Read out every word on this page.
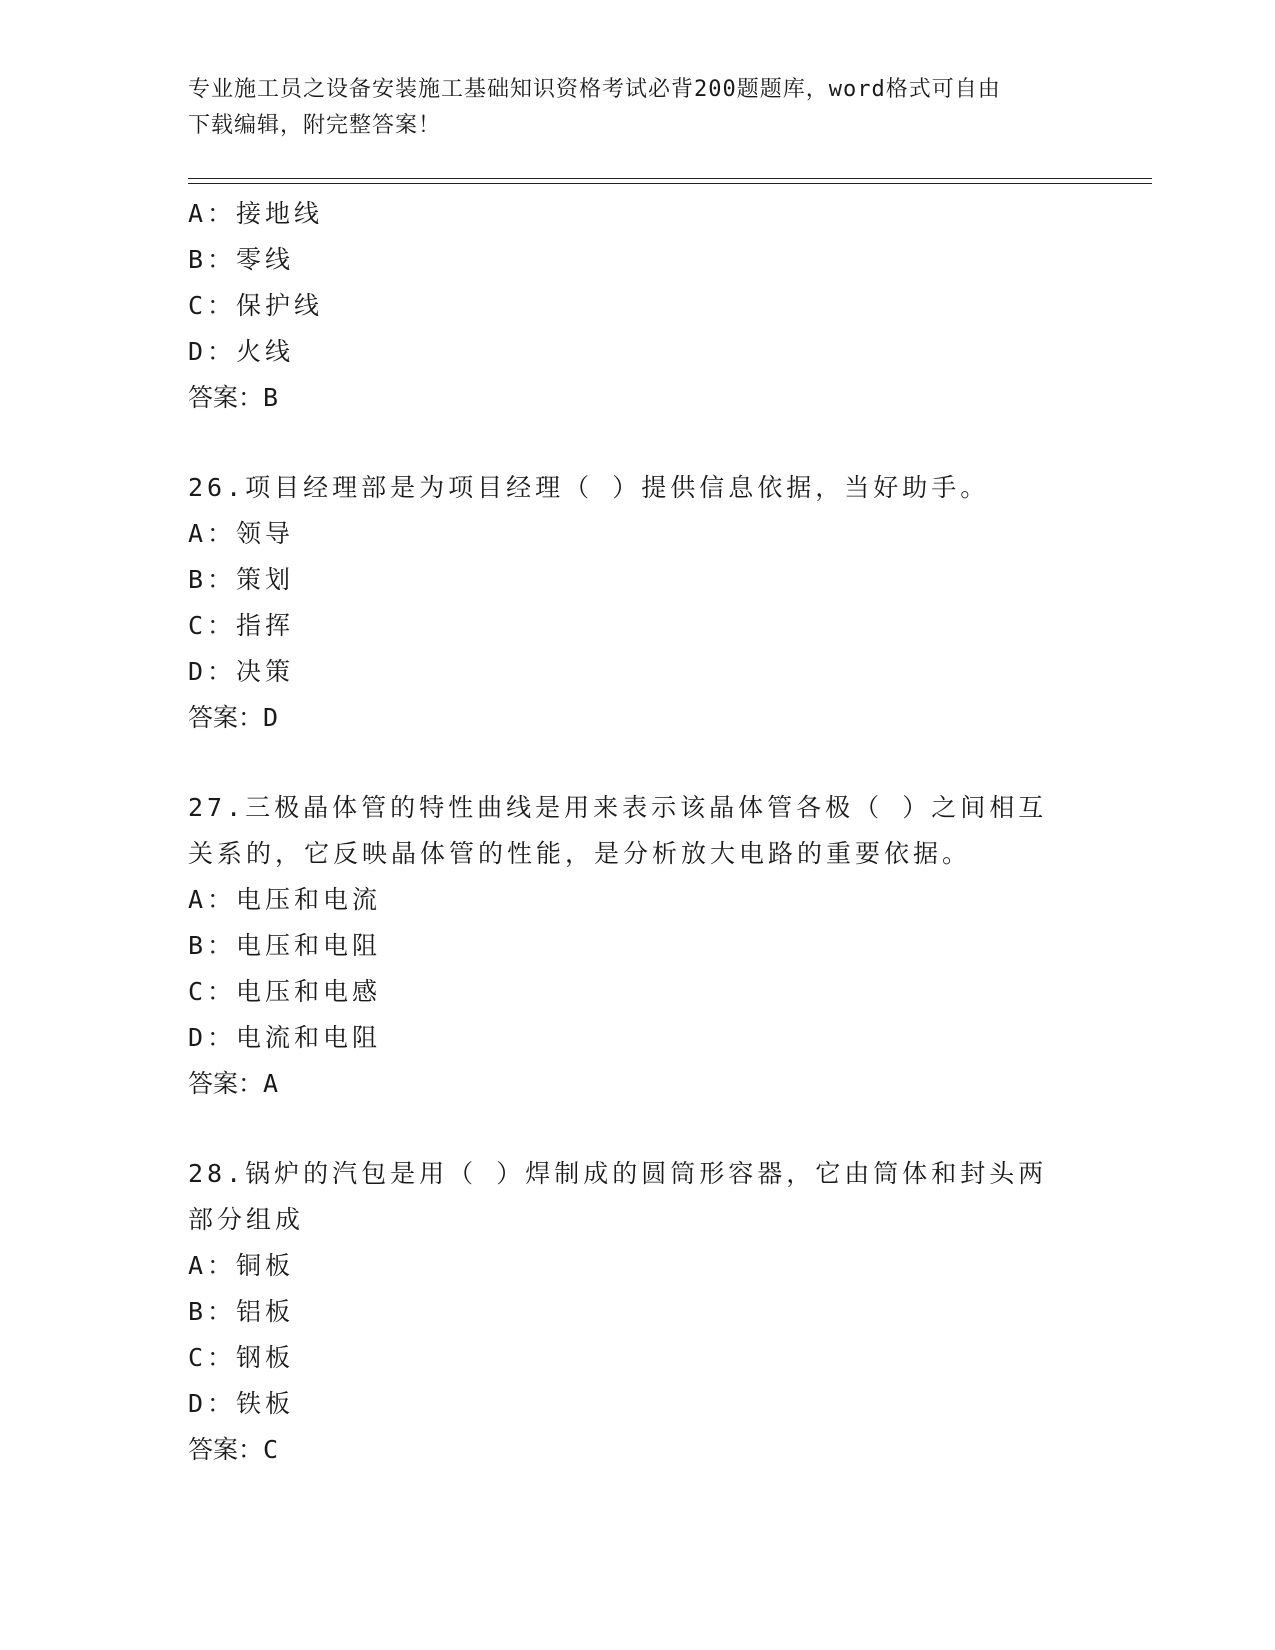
专业施工员之设备安装施工基础知识资格考试必背200题题库，word格式可自由
下载编辑，附完整答案！
A：接地线
B：零线
C：保护线
D：火线
答案：B
26.项目经理部是为项目经理（ ）提供信息依据，当好助手。
A：领导
B：策划
C：指挥
D：决策
答案：D
27.三极晶体管的特性曲线是用来表示该晶体管各极（ ）之间相互关系的，它反映晶体管的性能，是分析放大电路的重要依据。
A：电压和电流
B：电压和电阻
C：电压和电感
D：电流和电阻
答案：A
28.锅炉的汽包是用（ ）焊制成的圆筒形容器，它由筒体和封头两部分组成
A：铜板
B：铝板
C：钢板
D：铁板
答案：C
